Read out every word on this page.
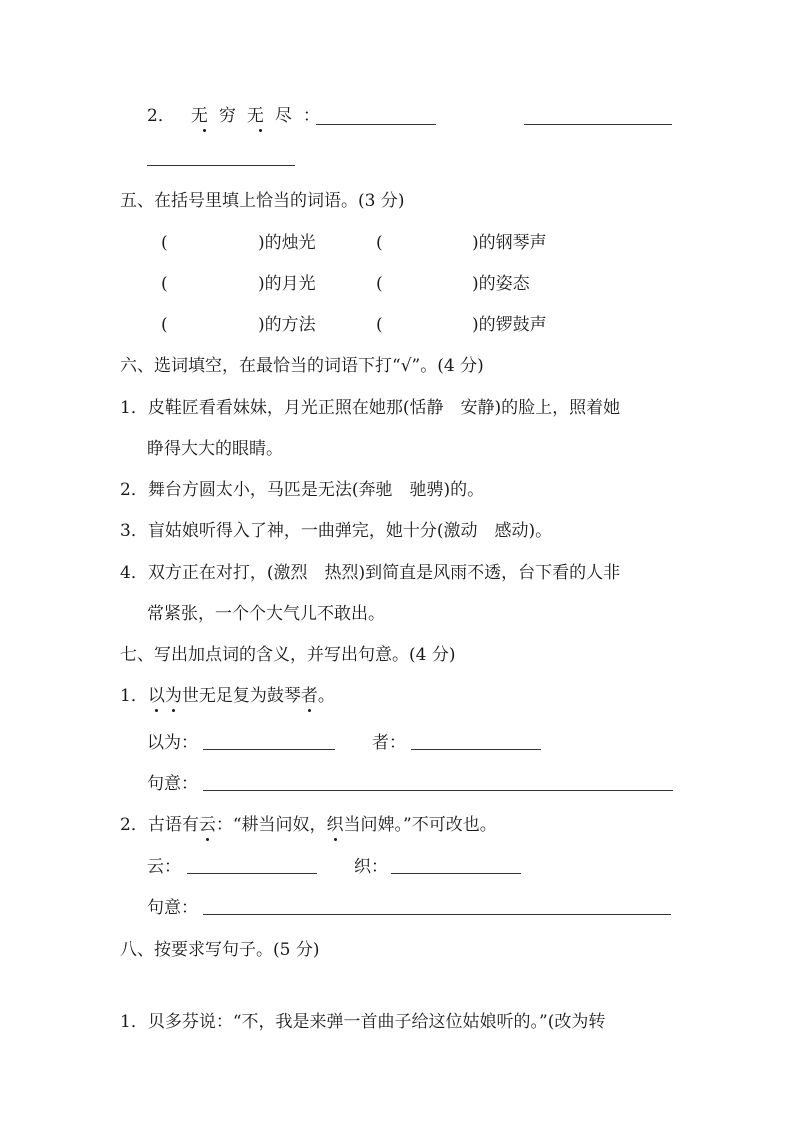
2． 无穷无尽：
五、在括号里填上恰当的词语。(3 分)
(	)的烛光	(	)的钢琴声
(	)的月光	(	)的姿态
(	)的方法	(	)的锣鼓声
六、选词填空，在最恰当的词语下打“√”。(4 分)
1．皮鞋匠看看妹妹，月光正照在她那(恬静　安静)的脸上，照着她
睁得大大的眼睛。
2．舞台方圆太小，马匹是无法(奔驰　驰骋)的。
3．盲姑娘听得入了神，一曲弹完，她十分(激动　感动)。
4．双方正在对打，(激烈　热烈)到简直是风雨不透，台下看的人非
常紧张，一个个大气儿不敢出。
七、写出加点词的含义，并写出句意。(4 分)
1．以为世无足复为鼓琴者。
以为：	者：
句意：
2．古语有云：“耕当问奴，织当问婢。”不可改也。
云：	织：
句意：
八、按要求写句子。(5 分)
1．贝多芬说：“不，我是来弹一首曲子给这位姑娘听的。”(改为转
